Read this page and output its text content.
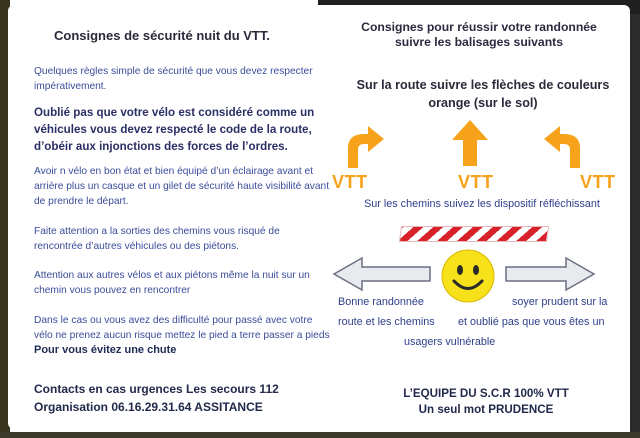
Consignes de sécurité nuit du VTT.
Quelques règles simple de sécurité que vous devez respecter impérativement.
Oublié pas que votre vélo est considéré comme un véhicules vous devez respecté le code de la route, d’obéir aux injonctions des forces de l’ordres.
Avoir n vélo en bon état et bien équipé d’un éclairage avant et arrière plus un casque et un gilet de sécurité haute visibilité avant de prendre le départ.
Faite attention a la sorties des chemins vous risqué de rencontrée d’autres véhicules ou des piétons.
Attention aux autres vélos et aux piétons même la nuit sur un chemin vous pouvez en rencontrer
Dans le cas ou vous avez des difficulté pour passé avec votre vélo ne prenez aucun risque mettez le pied a terre passer a pieds Pour vous évitez une chute
Contacts en cas urgences Les secours 112
Organisation 06.16.29.31.64 ASSITANCE
Consignes pour réussir votre randonnée
suivre les balisages suivants
Sur la route suivre les flèches de couleurs
orange (sur le sol)
VTT	VTT	VTT
Sur les chemins suivez les dispositif réfléchissant
Bonne randonnée
route et les chemins
soyer prudent sur la
et oublié pas que vous êtes un
usagers vulnérable
L’EQUIPE DU S.C.R 100% VTT
Un seul mot PRUDENCE
